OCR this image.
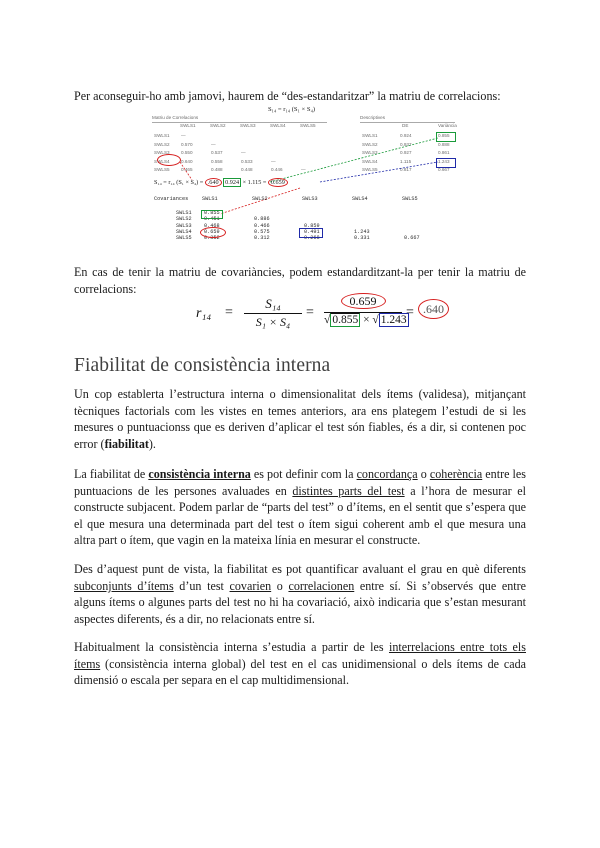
Per aconseguir-ho amb jamovi, haurem de “des-estandaritzar” la matriu de correlacions:

S₁₄ = r₁₄ (S₁ × S₄)
Matriu de Correlacions
SWLS1	SWLS2	SWLS3	SWLS4	SWLS5
SWLS1 —
SWLS2 0.570	—
SWLS3 0.550	0.537	—
SWLS4 0.640	0.558	0.533	—
SWLS5 0.465	0.488	0.448	0.446	—
Descriptives
DE	Variància
SWLS1	0.924	0.855
SWLS2	0.937	0.888
SWLS3	0.927	0.861
SWLS4	1.115	1.243
SWLS5	0.817	0.667
S₁₄ = r₁₄ (S₁ × S₄) = .640 0.924 × 1.115 = 0.659
Covariances	SWLS1	SWLS2	SWLS3	SWLS4	SWLS5
SWLS1 0.855
SWLS2 0.451	0.886
SWLS3 0.468	0.466	0.859
SWLS4 0.659	0.575	0.491	1.243
SWLS5 0.352	0.312	0.268	0.331	0.667

En cas de tenir la matriu de covariàncies, podem estandarditzant-la per tenir la matriu de correlacions:

r₁₄ =
S₁₄
S₁ × S₄
=
0.659
√ 0.855 × √ 1.243 = .640
Fiabilitat de consistència interna

Un cop establerta l’estructura interna o dimensionalitat dels ítems (validesa), mitjançant tècniques factorials com les vistes en temes anteriors, ara ens plategem l’estudi de si les mesures o puntuacionss que es deriven d’aplicar el test són fiables, és a dir, si contenen poc error (fiabilitat).

La fiabilitat de consistència interna es pot definir com la concordança o coherència entre les puntuacions de les persones avaluades en distintes parts del test a l’hora de mesurar el constructe subjacent. Podem parlar de “parts del test” o d’ítems, en el sentit que s’espera que el que mesura una determinada part del test o ítem sigui coherent amb el que mesura una altra part o ítem, que vagin en la mateixa línia en mesurar el constructe.

Des d’aquest punt de vista, la fiabilitat es pot quantificar avaluant el grau en què diferents subconjunts d’ítems d’un test covarien o correlacionen entre sí. Si s’observés que entre alguns ítems o algunes parts del test no hi ha covariació, això indicaria que s’estan mesurant aspectes diferents, és a dir, no relacionats entre sí.

Habitualment la consistència interna s’estudia a partir de les interrelacions entre tots els ítems (consistència interna global) del test en el cas unidimensional o dels ítems de cada dimensió o escala per separa en el cap multidimensional.
